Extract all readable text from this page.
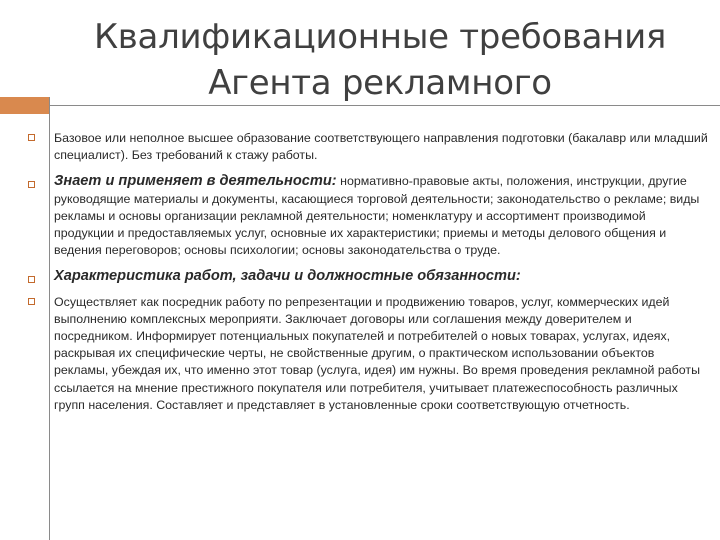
Квалификационные требования
Агента рекламного
Базовое или неполное высшее образование соответствующего направления подготовки (бакалавр или младший специалист). Без требований к стажу работы.
Знает и применяет в деятельности: нормативно-правовые акты, положения, инструкции, другие руководящие материалы и документы, касающиеся торговой деятельности; законодательство о рекламе; виды рекламы и основы организации рекламной деятельности; номенклатуру и ассортимент производимой продукции и предоставляемых услуг, основные их характеристики; приемы и методы делового общения и ведения переговоров; основы психологии; основы законодательства о труде.
Характеристика работ, задачи и должностные обязанности:
Осуществляет как посредник работу по репрезентации и продвижению товаров, услуг, коммерческих идей выполнению комплексных мероприяти. Заключает договоры или соглашения между доверителем и посредником. Информирует потенциальных покупателей и потребителей о новых товарах, услугах, идеях, раскрывая их специфические черты, не свойственные другим, о практическом использовании объектов рекламы, убеждая их, что именно этот товар (услуга, идея) им нужны. Во время проведения рекламной работы ссылается на мнение престижного покупателя или потребителя, учитывает платежеспособность различных групп населения. Составляет и представляет в установленные сроки соответствующую отчетность.
